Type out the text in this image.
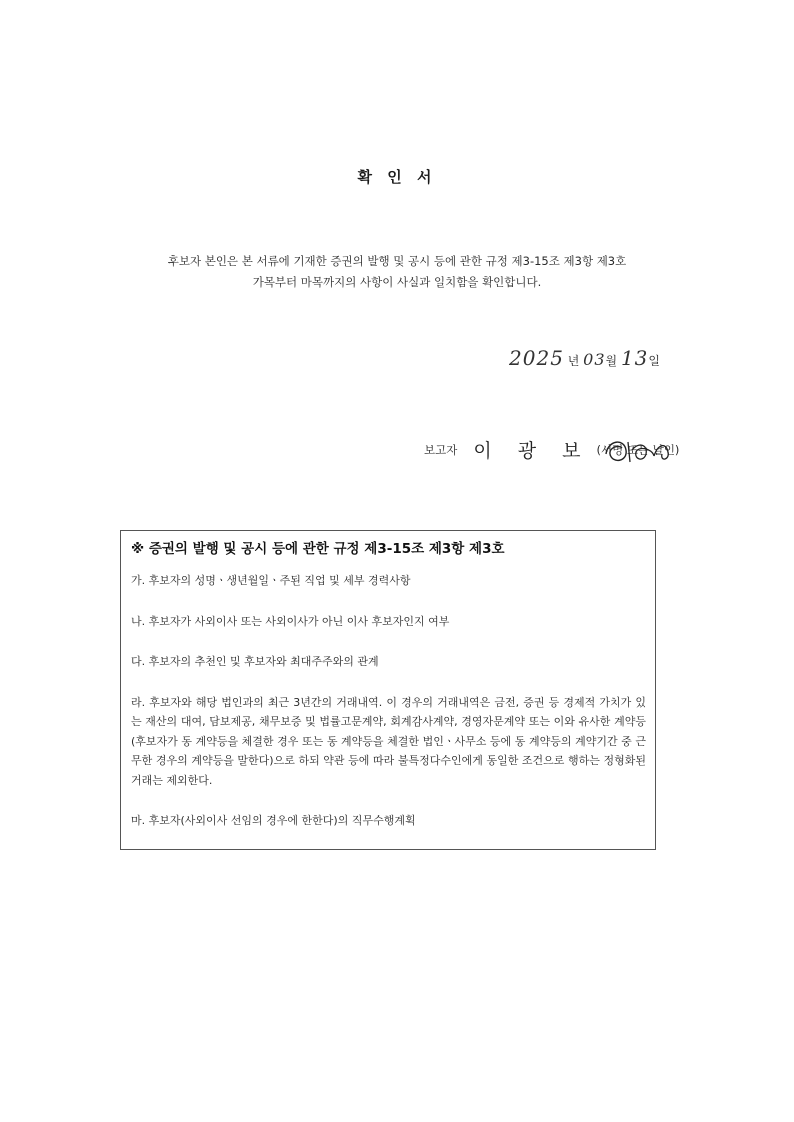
확 인 서
후보자 본인은 본 서류에 기재한 증권의 발행 및 공시 등에 관한 규정 제3-15조 제3항 제3호
가목부터 마목까지의 사항이 사실과 일치함을 확인합니다.
2025 년 03월 13일
보고자 이 광 보 (서명 또는 날인)
※ 증권의 발행 및 공시 등에 관한 규정 제3-15조 제3항 제3호
가. 후보자의 성명ㆍ생년월일ㆍ주된 직업 및 세부 경력사항
나. 후보자가 사외이사 또는 사외이사가 아닌 이사 후보자인지 여부
다. 후보자의 추천인 및 후보자와 최대주주와의 관계
라. 후보자와 해당 법인과의 최근 3년간의 거래내역. 이 경우의 거래내역은 금전, 증권 등 경제적 가치가 있는 재산의 대여, 담보제공, 채무보증 및 법률고문계약, 회계감사계약, 경영자문계약 또는 이와 유사한 계약등(후보자가 동 계약등을 체결한 경우 또는 동 계약등을 체결한 법인ㆍ사무소 등에 동 계약등의 계약기간 중 근무한 경우의 계약등을 말한다)으로 하되 약관 등에 따라 불특정다수인에게 동일한 조건으로 행하는 정형화된 거래는 제외한다.
마. 후보자(사외이사 선임의 경우에 한한다)의 직무수행계획
